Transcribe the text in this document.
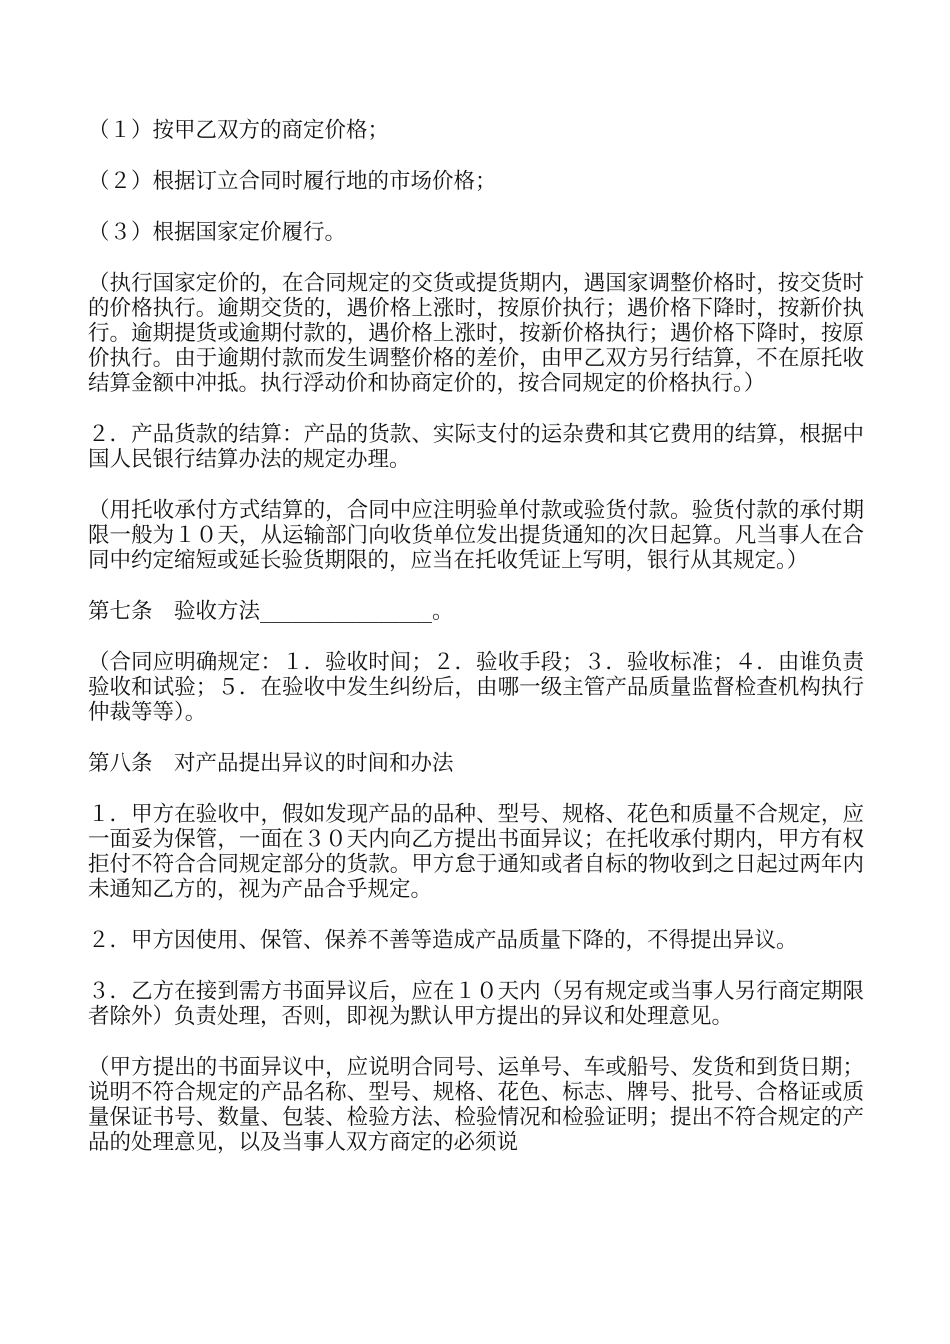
（１）按甲乙双方的商定价格；

（２）根据订立合同时履行地的市场价格；

（３）根据国家定价履行。

（执行国家定价的，在合同规定的交货或提货期内，遇国家调整价格时，按交货时的价格执行。逾期交货的，遇价格上涨时，按原价执行；遇价格下降时，按新价执行。逾期提货或逾期付款的，遇价格上涨时，按新价格执行；遇价格下降时，按原价执行。由于逾期付款而发生调整价格的差价，由甲乙双方另行结算，不在原托收结算金额中冲抵。执行浮动价和协商定价的，按合同规定的价格执行。）

２．产品货款的结算：产品的货款、实际支付的运杂费和其它费用的结算，根据中国人民银行结算办法的规定办理。

（用托收承付方式结算的，合同中应注明验单付款或验货付款。验货付款的承付期限一般为１０天，从运输部门向收货单位发出提货通知的次日起算。凡当事人在合同中约定缩短或延长验货期限的，应当在托收凭证上写明，银行从其规定。）

第七条　验收方法________________。

（合同应明确规定：１．验收时间；２．验收手段；３．验收标准；４．由谁负责验收和试验；５．在验收中发生纠纷后，由哪一级主管产品质量监督检查机构执行仲裁等等）。

第八条　对产品提出异议的时间和办法

１．甲方在验收中，假如发现产品的品种、型号、规格、花色和质量不合规定，应一面妥为保管，一面在３０天内向乙方提出书面异议；在托收承付期内，甲方有权拒付不符合合同规定部分的货款。甲方怠于通知或者自标的物收到之日起过两年内未通知乙方的，视为产品合乎规定。

２．甲方因使用、保管、保养不善等造成产品质量下降的，不得提出异议。

３．乙方在接到需方书面异议后，应在１０天内（另有规定或当事人另行商定期限者除外）负责处理，否则，即视为默认甲方提出的异议和处理意见。

（甲方提出的书面异议中，应说明合同号、运单号、车或船号、发货和到货日期；说明不符合规定的产品名称、型号、规格、花色、标志、牌号、批号、合格证或质量保证书号、数量、包装、检验方法、检验情况和检验证明；提出不符合规定的产品的处理意见，以及当事人双方商定的必须说
